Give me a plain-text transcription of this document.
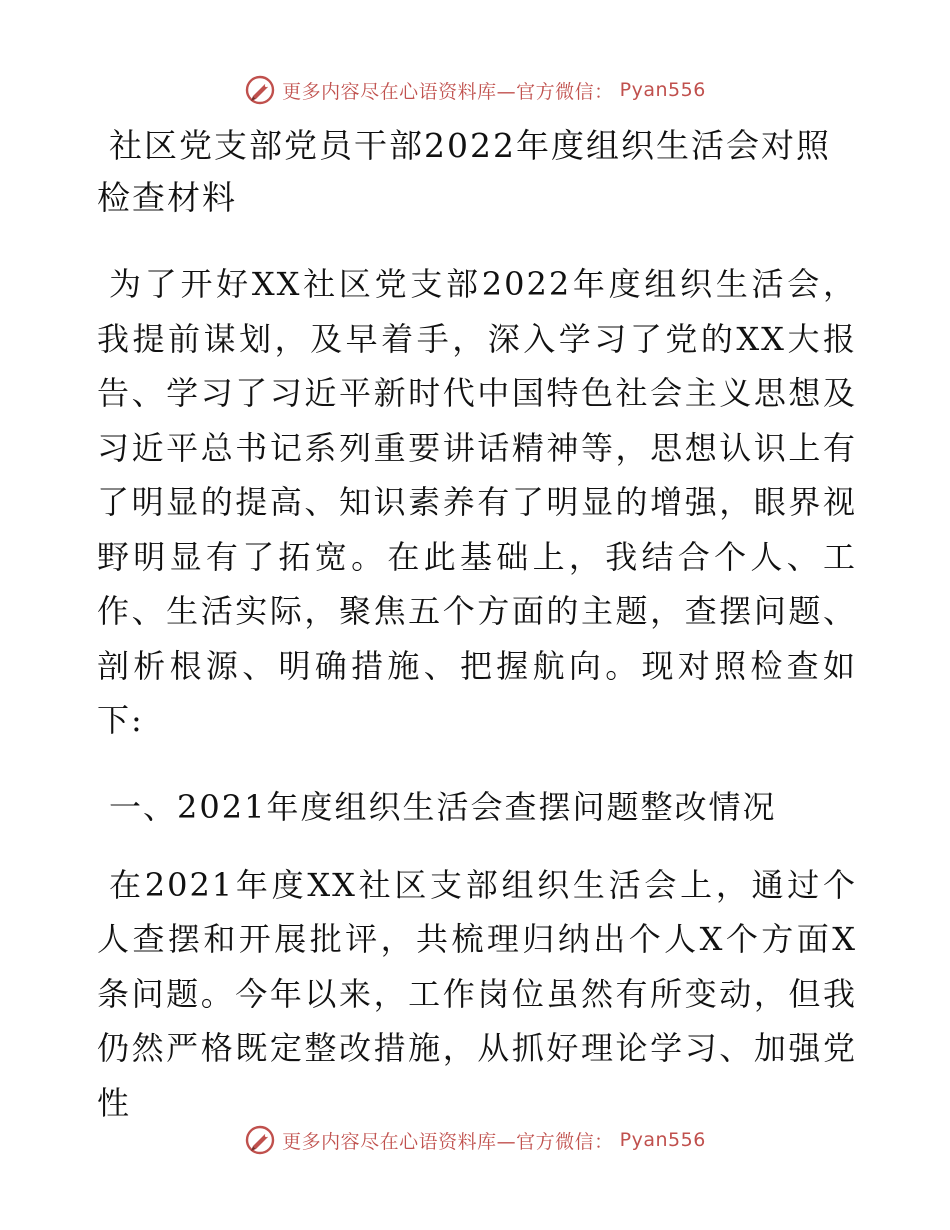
更多内容尽在心语资料库—官方微信： Pyan556
社区党支部党员干部2022年度组织生活会对照检查材料

为了开好XX社区党支部2022年度组织生活会，我提前谋划，及早着手，深入学习了党的XX大报告、学习了习近平新时代中国特色社会主义思想及习近平总书记系列重要讲话精神等，思想认识上有了明显的提高、知识素养有了明显的增强，眼界视野明显有了拓宽。在此基础上，我结合个人、工作、生活实际，聚焦五个方面的主题，查摆问题、剖析根源、明确措施、把握航向。现对照检查如下:

一、2021年度组织生活会查摆问题整改情况

在2021年度XX社区支部组织生活会上，通过个人查摆和开展批评，共梳理归纳出个人X个方面X条问题。今年以来，工作岗位虽然有所变动，但我仍然严格既定整改措施，从抓好理论学习、加强党性

更多内容尽在心语资料库—官方微信： Pyan556
